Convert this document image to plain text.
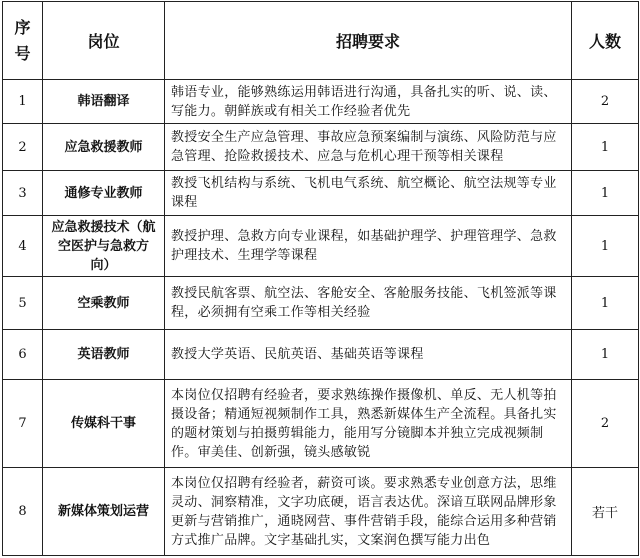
序
号	岗位	招聘要求	人数
1	韩语翻译	韩语专业，能够熟练运用韩语进行沟通，具备扎实的听、说、读、写能力。朝鲜族或有相关工作经验者优先	2
2	应急救援教师	教授安全生产应急管理、事故应急预案编制与演练、风险防范与应急管理、抢险救援技术、应急与危机心理干预等相关课程	1
3	通修专业教师	教授飞机结构与系统、飞机电气系统、航空概论、航空法规等专业课程	1
4	应急救援技术（航空医护与急救方向）	教授护理、急救方向专业课程，如基础护理学、护理管理学、急救护理技术、生理学等课程	1
5	空乘教师	教授民航客票、航空法、客舱安全、客舱服务技能、飞机签派等课程，必须拥有空乘工作等相关经验	1
6	英语教师	教授大学英语、民航英语、基础英语等课程	1
7	传媒科干事	本岗位仅招聘有经验者，要求熟练操作摄像机、单反、无人机等拍摄设备；精通短视频制作工具，熟悉新媒体生产全流程。具备扎实的题材策划与拍摄剪辑能力，能用写分镜脚本并独立完成视频制作。审美佳、创新强，镜头感敏锐	2
8	新媒体策划运营	本岗位仅招聘有经验者，薪资可谈。要求熟悉专业创意方法，思维灵动、洞察精准，文字功底硬，语言表达优。深谙互联网品牌形象更新与营销推广，通晓网营、事件营销手段，能综合运用多种营销方式推广品牌。文字基础扎实，文案润色撰写能力出色	若干
